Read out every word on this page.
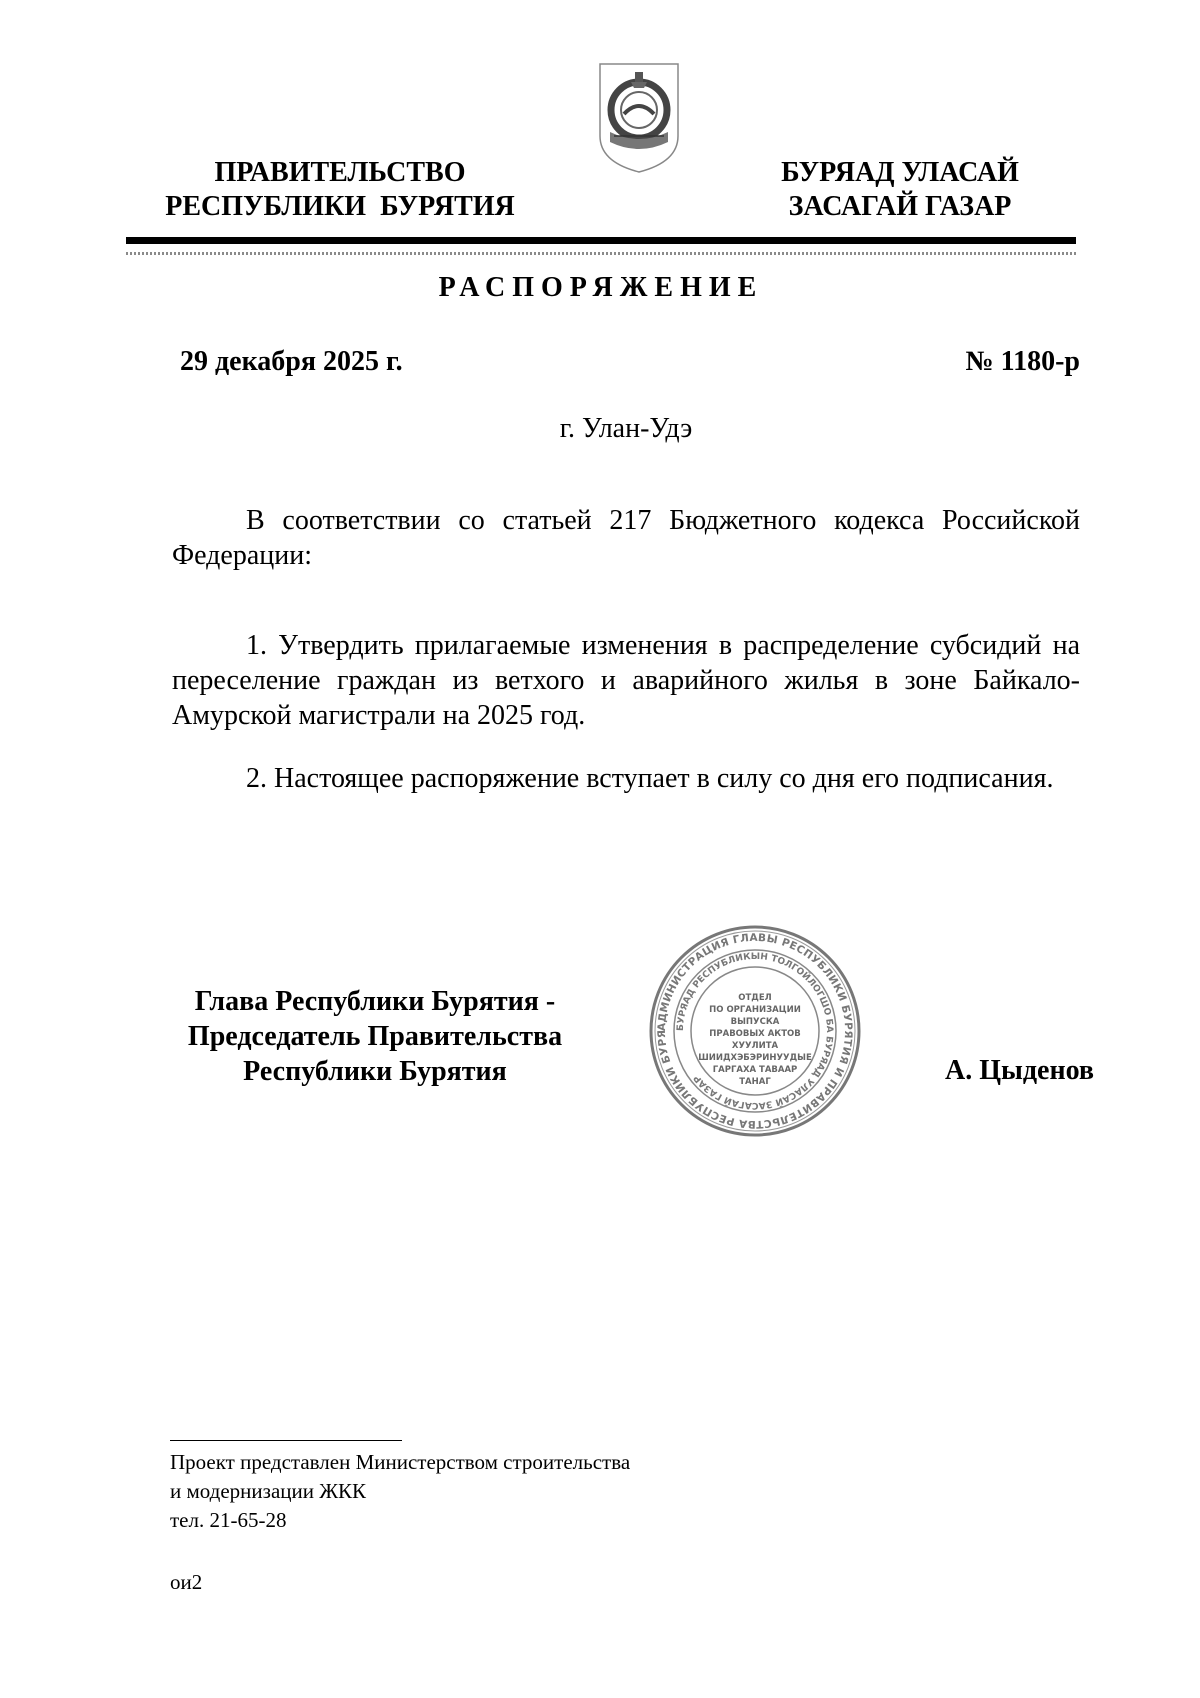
ПРАВИТЕЛЬСТВО
РЕСПУБЛИКИ  БУРЯТИЯ
БУРЯАД УЛАСАЙ
ЗАСАГАЙ ГАЗАР
РАСПОРЯЖЕНИЕ
29 декабря 2025 г.	№ 1180-р
г. Улан-Удэ
В соответствии со статьей 217 Бюджетного кодекса Российской Федерации:
1. Утвердить прилагаемые изменения в распределение субсидий на переселение граждан из ветхого и аварийного жилья в зоне Байкало-Амурской магистрали на 2025 год.
2. Настоящее распоряжение вступает в силу со дня его подписания.
Глава Республики Бурятия -
Председатель Правительства
Республики Бурятия
АДМИНИСТРАЦИЯ ГЛАВЫ РЕСПУБЛИКИ БУРЯТИЯ И ПРАВИТЕЛЬСТВА РЕСПУБЛИКИ БУРЯ
БУРЯАД РЕСПУБЛИКЫН ТОЛГОЙЛОГШО БА БУРЯАД УЛАСАЙ ЗАСАГАЙ ГАЗАР
ОТДЕЛ
ПО ОРГАНИЗАЦИИ
ВЫПУСКА
ПРАВОВЫХ АКТОВ
ХУУЛИТА
ШИИДХЭБЭРИНУУДЫЕ
ГАРГАХА ТАВААР
ТАНАГ	А. Цыденов
Проект представлен Министерством строительства
и модернизации ЖКК
тел. 21-65-28
ои2
